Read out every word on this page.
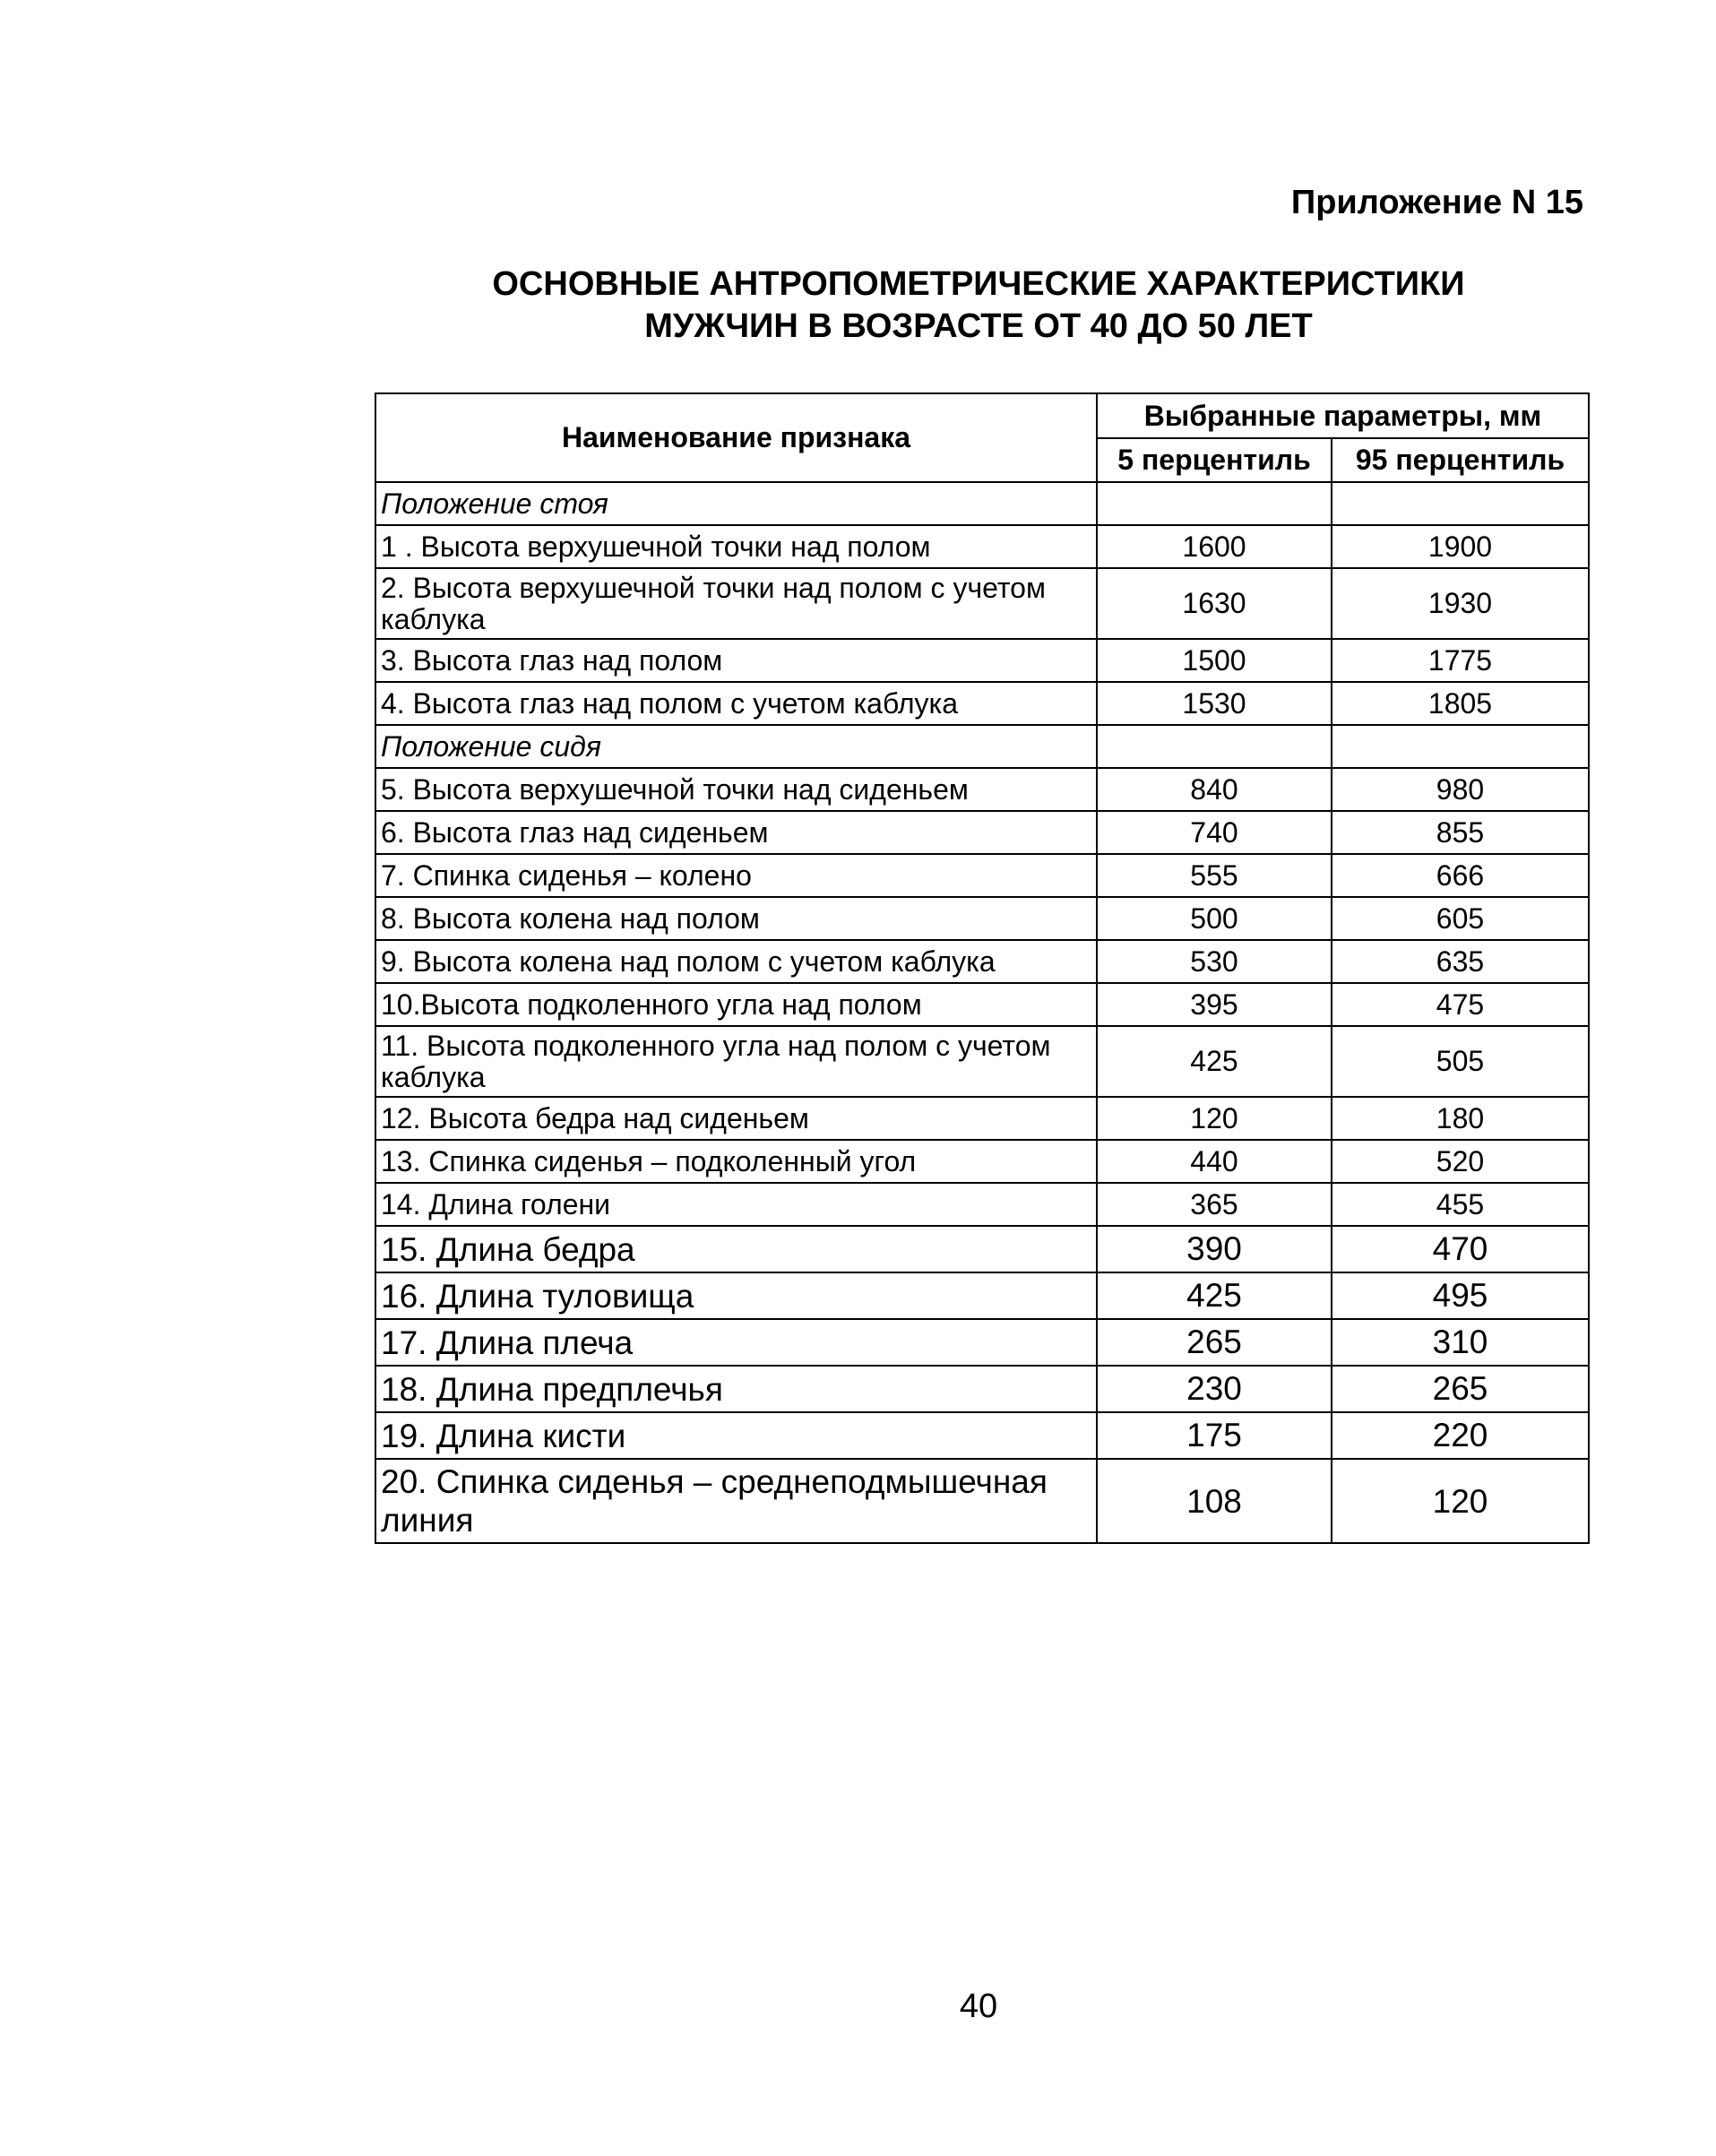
Приложение N 15
ОСНОВНЫЕ АНТРОПОМЕТРИЧЕСКИЕ ХАРАКТЕРИСТИКИ
МУЖЧИН В ВОЗРАСТЕ ОТ 40 ДО 50 ЛЕТ
Наименование признака	Выбранные параметры, мм	
	5 перцентиль	95 перцентиль
Положение стоя		
1 . Высота верхушечной точки над полом	1600	1900
2. Высота верхушечной точки над полом с учетом каблука	1630	1930
3. Высота глаз над полом	1500	1775
4. Высота глаз над полом с учетом каблука	1530	1805
Положение сидя		
5. Высота верхушечной точки над сиденьем	840	980
6. Высота глаз над сиденьем	740	855
7. Спинка сиденья – колено	555	666
8. Высота колена над полом	500	605
9. Высота колена над полом с учетом каблука	530	635
10.Высота подколенного угла над полом	395	475
11. Высота подколенного угла над полом с учетом каблука	425	505
12. Высота бедра над сиденьем	120	180
13. Спинка сиденья – подколенный угол	440	520
14. Длина голени	365	455
15. Длина бедра	390	470
16. Длина туловища	425	495
17. Длина плеча	265	310
18. Длина предплечья	230	265
19. Длина кисти	175	220
20. Спинка сиденья – среднеподмышечная линия	108	120
40
